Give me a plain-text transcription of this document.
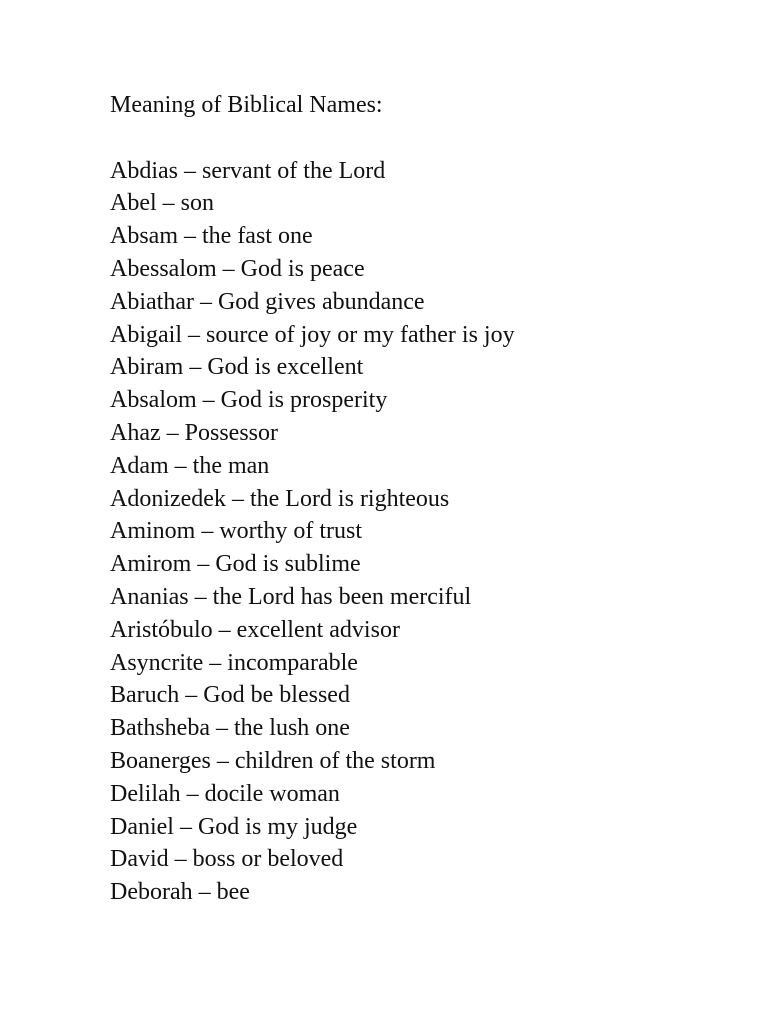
Meaning of Biblical Names:
Abdias – servant of the Lord
Abel – son
Absam – the fast one
Abessalom – God is peace
Abiathar – God gives abundance
Abigail – source of joy or my father is joy
Abiram – God is excellent
Absalom – God is prosperity
Ahaz – Possessor
Adam – the man
Adonizedek – the Lord is righteous
Aminom – worthy of trust
Amirom – God is sublime
Ananias – the Lord has been merciful
Aristóbulo – excellent advisor
Asyncrite – incomparable
Baruch – God be blessed
Bathsheba – the lush one
Boanerges – children of the storm
Delilah – docile woman
Daniel – God is my judge
David – boss or beloved
Deborah – bee
